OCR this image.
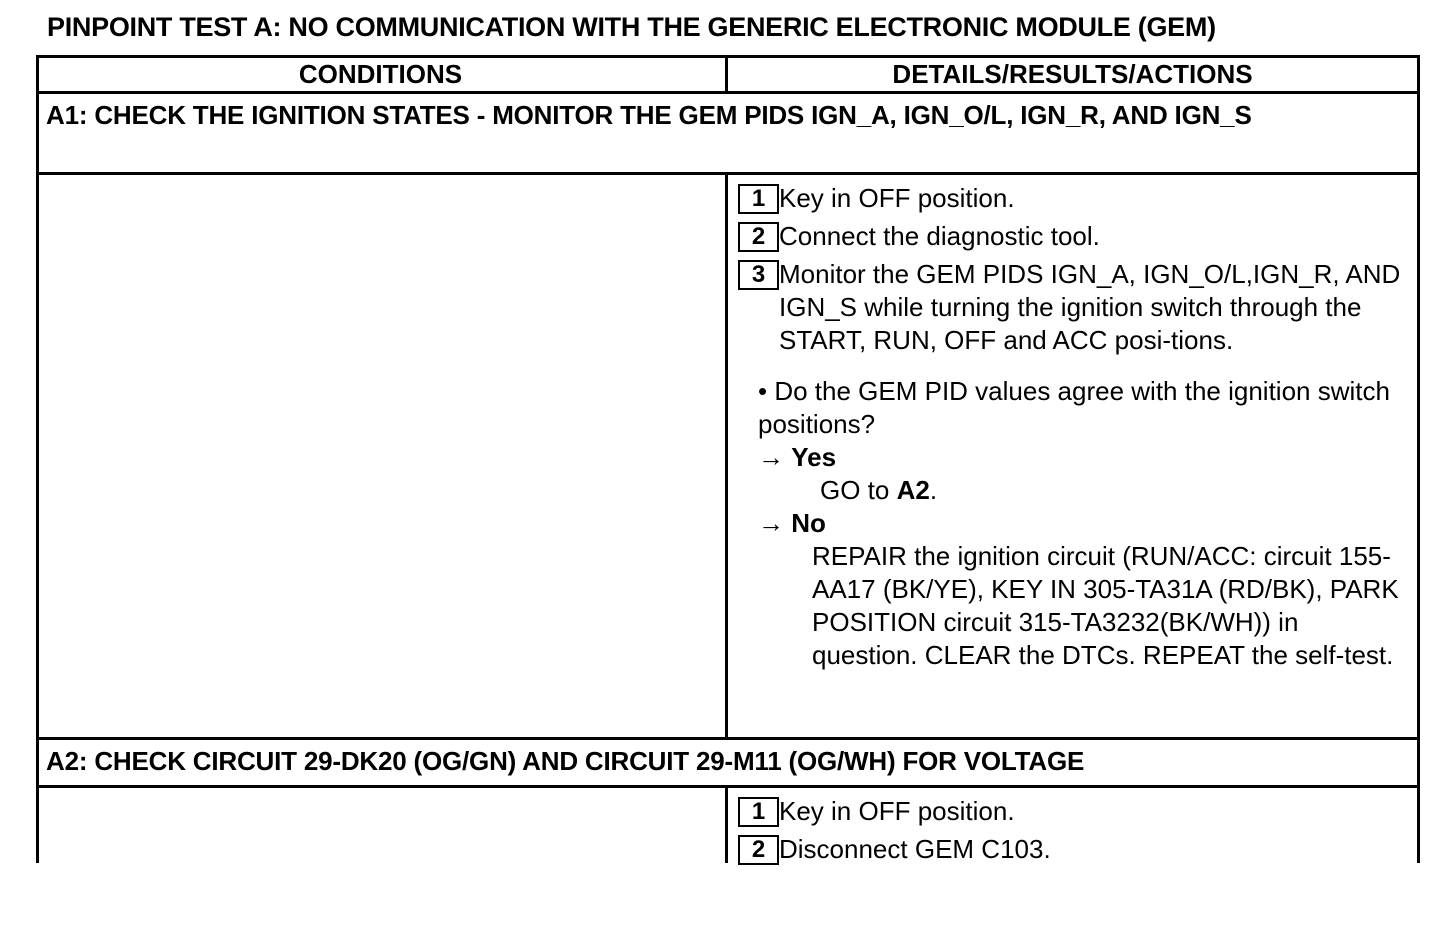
PINPOINT TEST A: NO COMMUNICATION WITH THE GENERIC ELECTRONIC MODULE (GEM)
CONDITIONS	DETAILS/RESULTS/ACTIONS
A1: CHECK THE IGNITION STATES - MONITOR THE GEM PIDS IGN_A, IGN_O/L, IGN_R, AND IGN_S
1 Key in OFF position.
2 Connect the diagnostic tool.
3 Monitor the GEM PIDS IGN_A, IGN_O/L,IGN_R, AND IGN_S while turning the ignition switch through the START, RUN, OFF and ACC posi-tions.
• Do the GEM PID values agree with the ignition switch positions?
→ Yes
GO to A2.
→ No
REPAIR the ignition circuit (RUN/ACC: circuit 155-AA17 (BK/YE), KEY IN 305-TA31A (RD/BK), PARK POSITION circuit 315-TA3232(BK/WH)) in question. CLEAR the DTCs. REPEAT the self-test.
A2: CHECK CIRCUIT 29-DK20 (OG/GN) AND CIRCUIT 29-M11 (OG/WH) FOR VOLTAGE
1 Key in OFF position.
2 Disconnect GEM C103.
